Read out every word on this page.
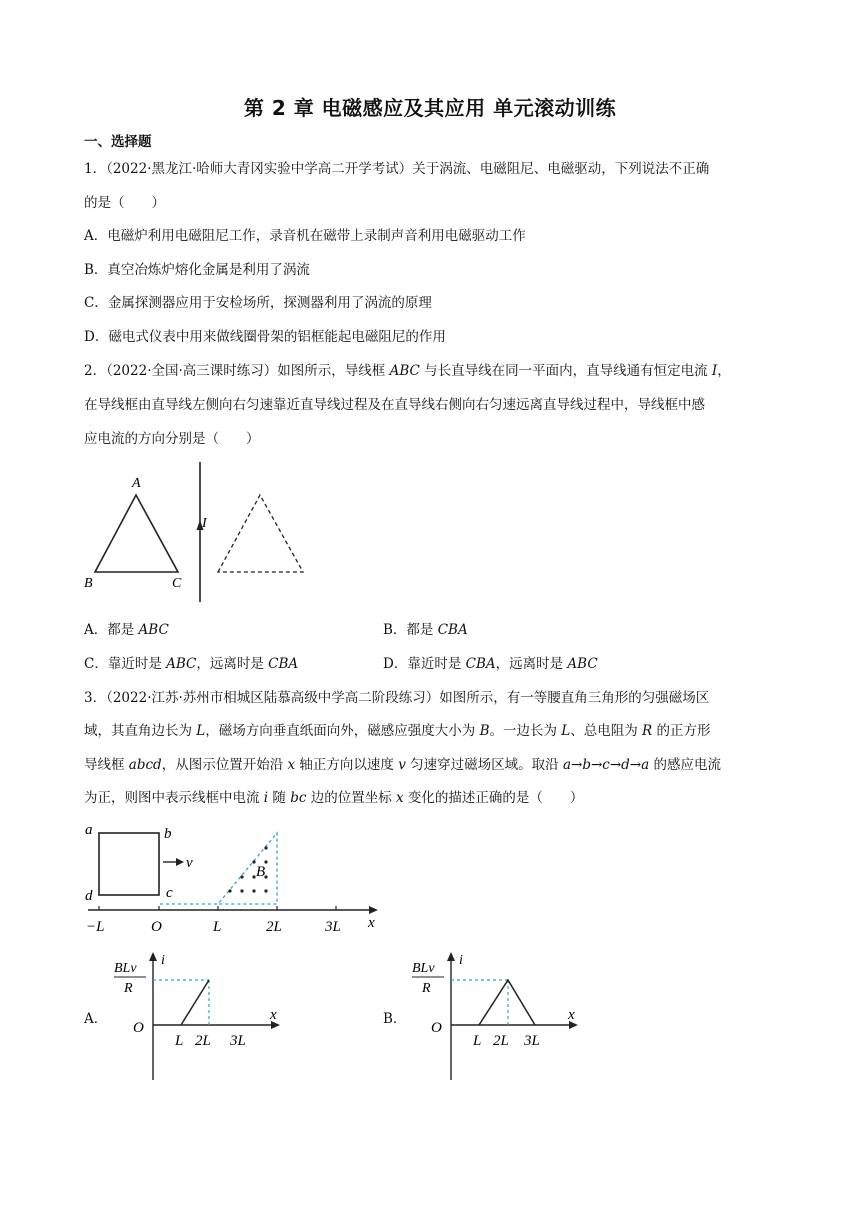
第 2 章 电磁感应及其应用 单元滚动训练
一、选择题
1．（2022·黑龙江·哈师大青冈实验中学高二开学考试）关于涡流、电磁阻尼、电磁驱动，下列说法不正确
的是（　　）
A．电磁炉利用电磁阻尼工作，录音机在磁带上录制声音利用电磁驱动工作
B．真空冶炼炉熔化金属是利用了涡流
C．金属探测器应用于安检场所，探测器利用了涡流的原理
D．磁电式仪表中用来做线圈骨架的铝框能起电磁阻尼的作用
2．（2022·全国·高三课时练习）如图所示，导线框 ABC 与长直导线在同一平面内，直导线通有恒定电流 I，
在导线框由直导线左侧向右匀速靠近直导线过程及在直导线右侧向右匀速远离直导线过程中，导线框中感
应电流的方向分别是（　　）
A
B	C
I
A．都是 ABC	B．都是 CBA
C．靠近时是 ABC，远离时是 CBA	D．靠近时是 CBA，远离时是 ABC
3．（2022·江苏·苏州市相城区陆慕高级中学高二阶段练习）如图所示，有一等腰直角三角形的匀强磁场区
域，其直角边长为 L，磁场方向垂直纸面向外，磁感应强度大小为 B。一边长为 L、总电阻为 R 的正方形
导线框 abcd，从图示位置开始沿 x 轴正方向以速度 v 匀速穿过磁场区域。取沿 a→b→c→d→a 的感应电流
为正，则图中表示线框中电流 i 随 bc 边的位置坐标 x 变化的描述正确的是（　　）
a	b
d	c
v
B
−L	O	L	2L	3L x
A．
BLv
R
i
x
O
L 2L 3L
B．
BLv
R
i
x
O
L 2L 3L
